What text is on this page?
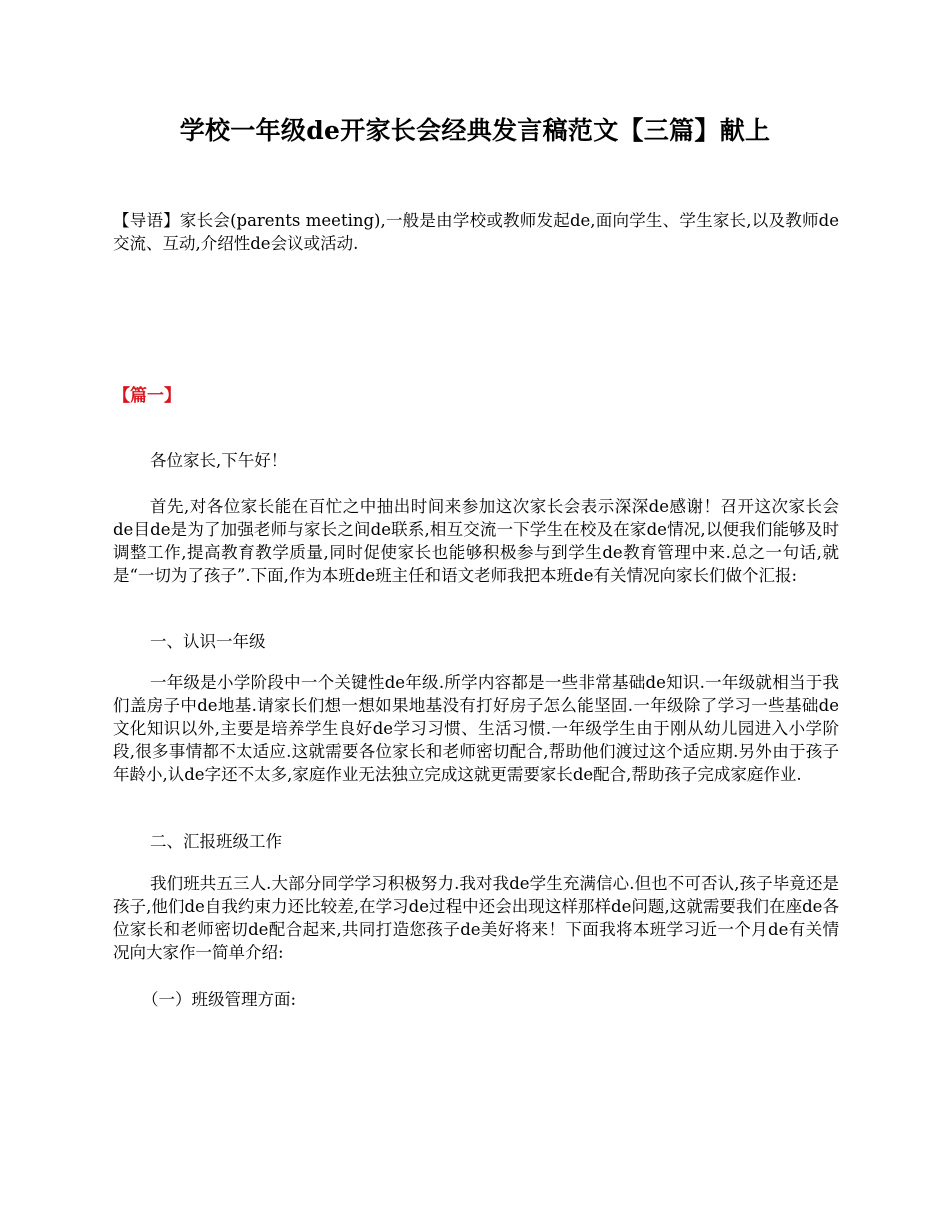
学校一年级de开家长会经典发言稿范文【三篇】献上

【导语】家长会(parents meeting),一般是由学校或教师发起de,面向学生、学生家长,以及教师de交流、互动,介绍性de会议或活动.

【篇一】

各位家长,下午好！

首先,对各位家长能在百忙之中抽出时间来参加这次家长会表示深深de感谢！召开这次家长会de目de是为了加强老师与家长之间de联系,相互交流一下学生在校及在家de情况,以便我们能够及时调整工作,提高教育教学质量,同时促使家长也能够积极参与到学生de教育管理中来.总之一句话,就是“一切为了孩子”.下面,作为本班de班主任和语文老师我把本班de有关情况向家长们做个汇报:

一、认识一年级

一年级是小学阶段中一个关键性de年级.所学内容都是一些非常基础de知识.一年级就相当于我们盖房子中de地基.请家长们想一想如果地基没有打好房子怎么能坚固.一年级除了学习一些基础de文化知识以外,主要是培养学生良好de学习习惯、生活习惯.一年级学生由于刚从幼儿园进入小学阶段,很多事情都不太适应.这就需要各位家长和老师密切配合,帮助他们渡过这个适应期.另外由于孩子年龄小,认de字还不太多,家庭作业无法独立完成这就更需要家长de配合,帮助孩子完成家庭作业.

二、汇报班级工作

我们班共五三人.大部分同学学习积极努力.我对我de学生充满信心.但也不可否认,孩子毕竟还是孩子,他们de自我约束力还比较差,在学习de过程中还会出现这样那样de问题,这就需要我们在座de各位家长和老师密切de配合起来,共同打造您孩子de美好将来！下面我将本班学习近一个月de有关情况向大家作一简单介绍:

（一）班级管理方面:
